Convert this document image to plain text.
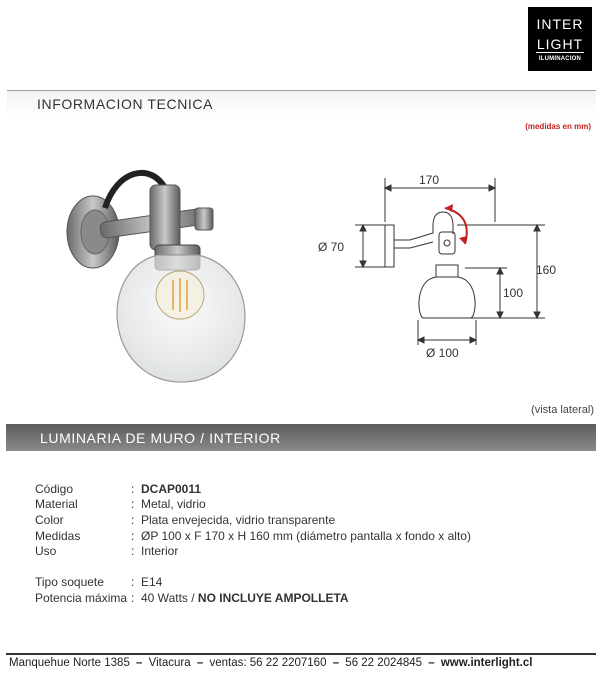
INTER
LIGHT
ILUMINACION
INFORMACION TECNICA
(medidas en mm)
170
Ø 70
160
100
Ø 100
(vista lateral)
LUMINARIA DE MURO / INTERIOR
Código	: DCAP0011
Material	: Metal, vidrio
Color	: Plata envejecida, vidrio transparente
Medidas	: ØP 100 x F 170 x H 160 mm (diámetro pantalla x fondo x alto)
Uso	: Interior
Tipo soquete : E14
Potencia máxima : 40 Watts / NO INCLUYE AMPOLLETA
Manquehue Norte 1385 – Vitacura – ventas: 56 22 2207160 – 56 22 2024845 – www.interlight.cl
